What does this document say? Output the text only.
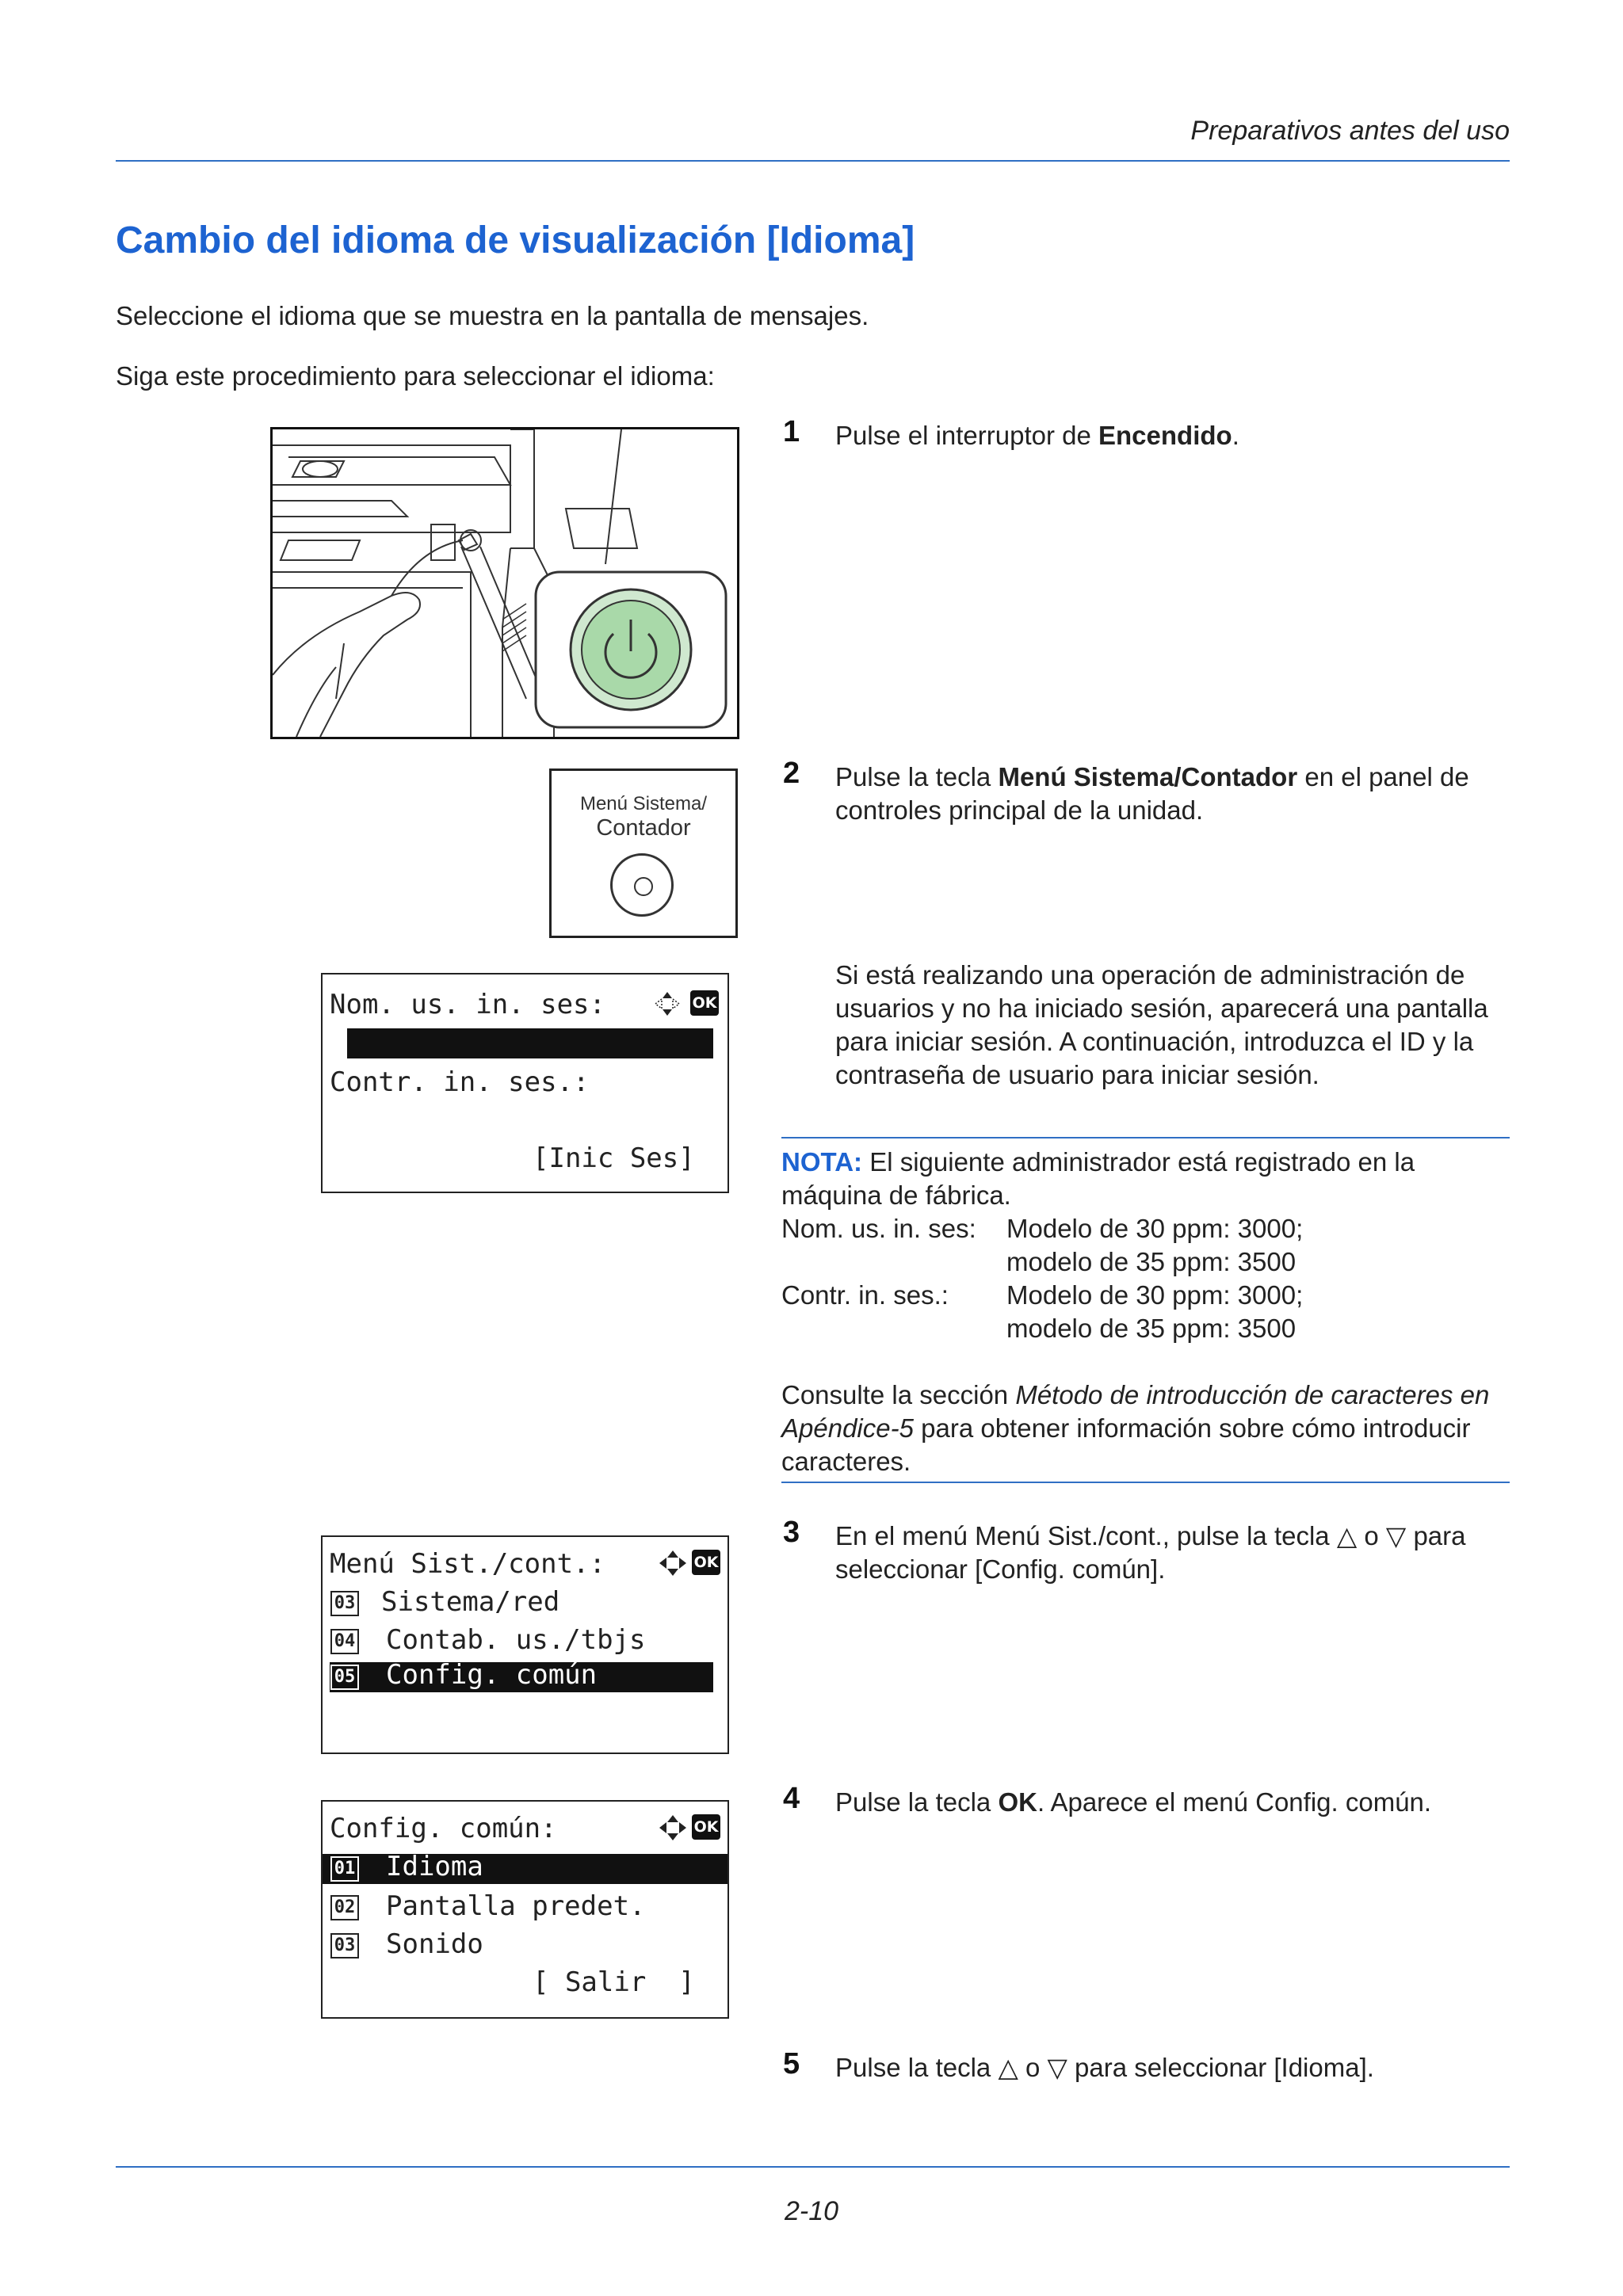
Preparativos antes del uso
Cambio del idioma de visualización [Idioma]
Seleccione el idioma que se muestra en la pantalla de mensajes.
Siga este procedimiento para seleccionar el idioma:
1 Pulse el interruptor de Encendido.
Menú Sistema/
Contador
2 Pulse la tecla Menú Sistema/Contador en el panel de controles principal de la unidad.
Nom. us. in. ses:	OK
Contr. in. ses.:
[Inic Ses]
Si está realizando una operación de administración de usuarios y no ha iniciado sesión, aparecerá una pantalla para iniciar sesión. A continuación, introduzca el ID y la contraseña de usuario para iniciar sesión.
NOTA: El siguiente administrador está registrado en la máquina de fábrica.
Nom. us. in. ses:	Modelo de 30 ppm: 3000;
modelo de 35 ppm: 3500
Contr. in. ses.:	Modelo de 30 ppm: 3000;
modelo de 35 ppm: 3500
Consulte la sección Método de introducción de caracteres en Apéndice-5 para obtener información sobre cómo introducir caracteres.
Menú Sist./cont.:	OK
03 Sistema/red
04 Contab. us./tbjs
05 Config. común
3 En el menú Menú Sist./cont., pulse la tecla △ o ▽ para seleccionar [Config. común].
Config. común:	OK
01 Idioma
02 Pantalla predet.
03 Sonido
[ Salir  ]
4 Pulse la tecla OK. Aparece el menú Config. común.
5 Pulse la tecla △ o ▽ para seleccionar [Idioma].
2-10
